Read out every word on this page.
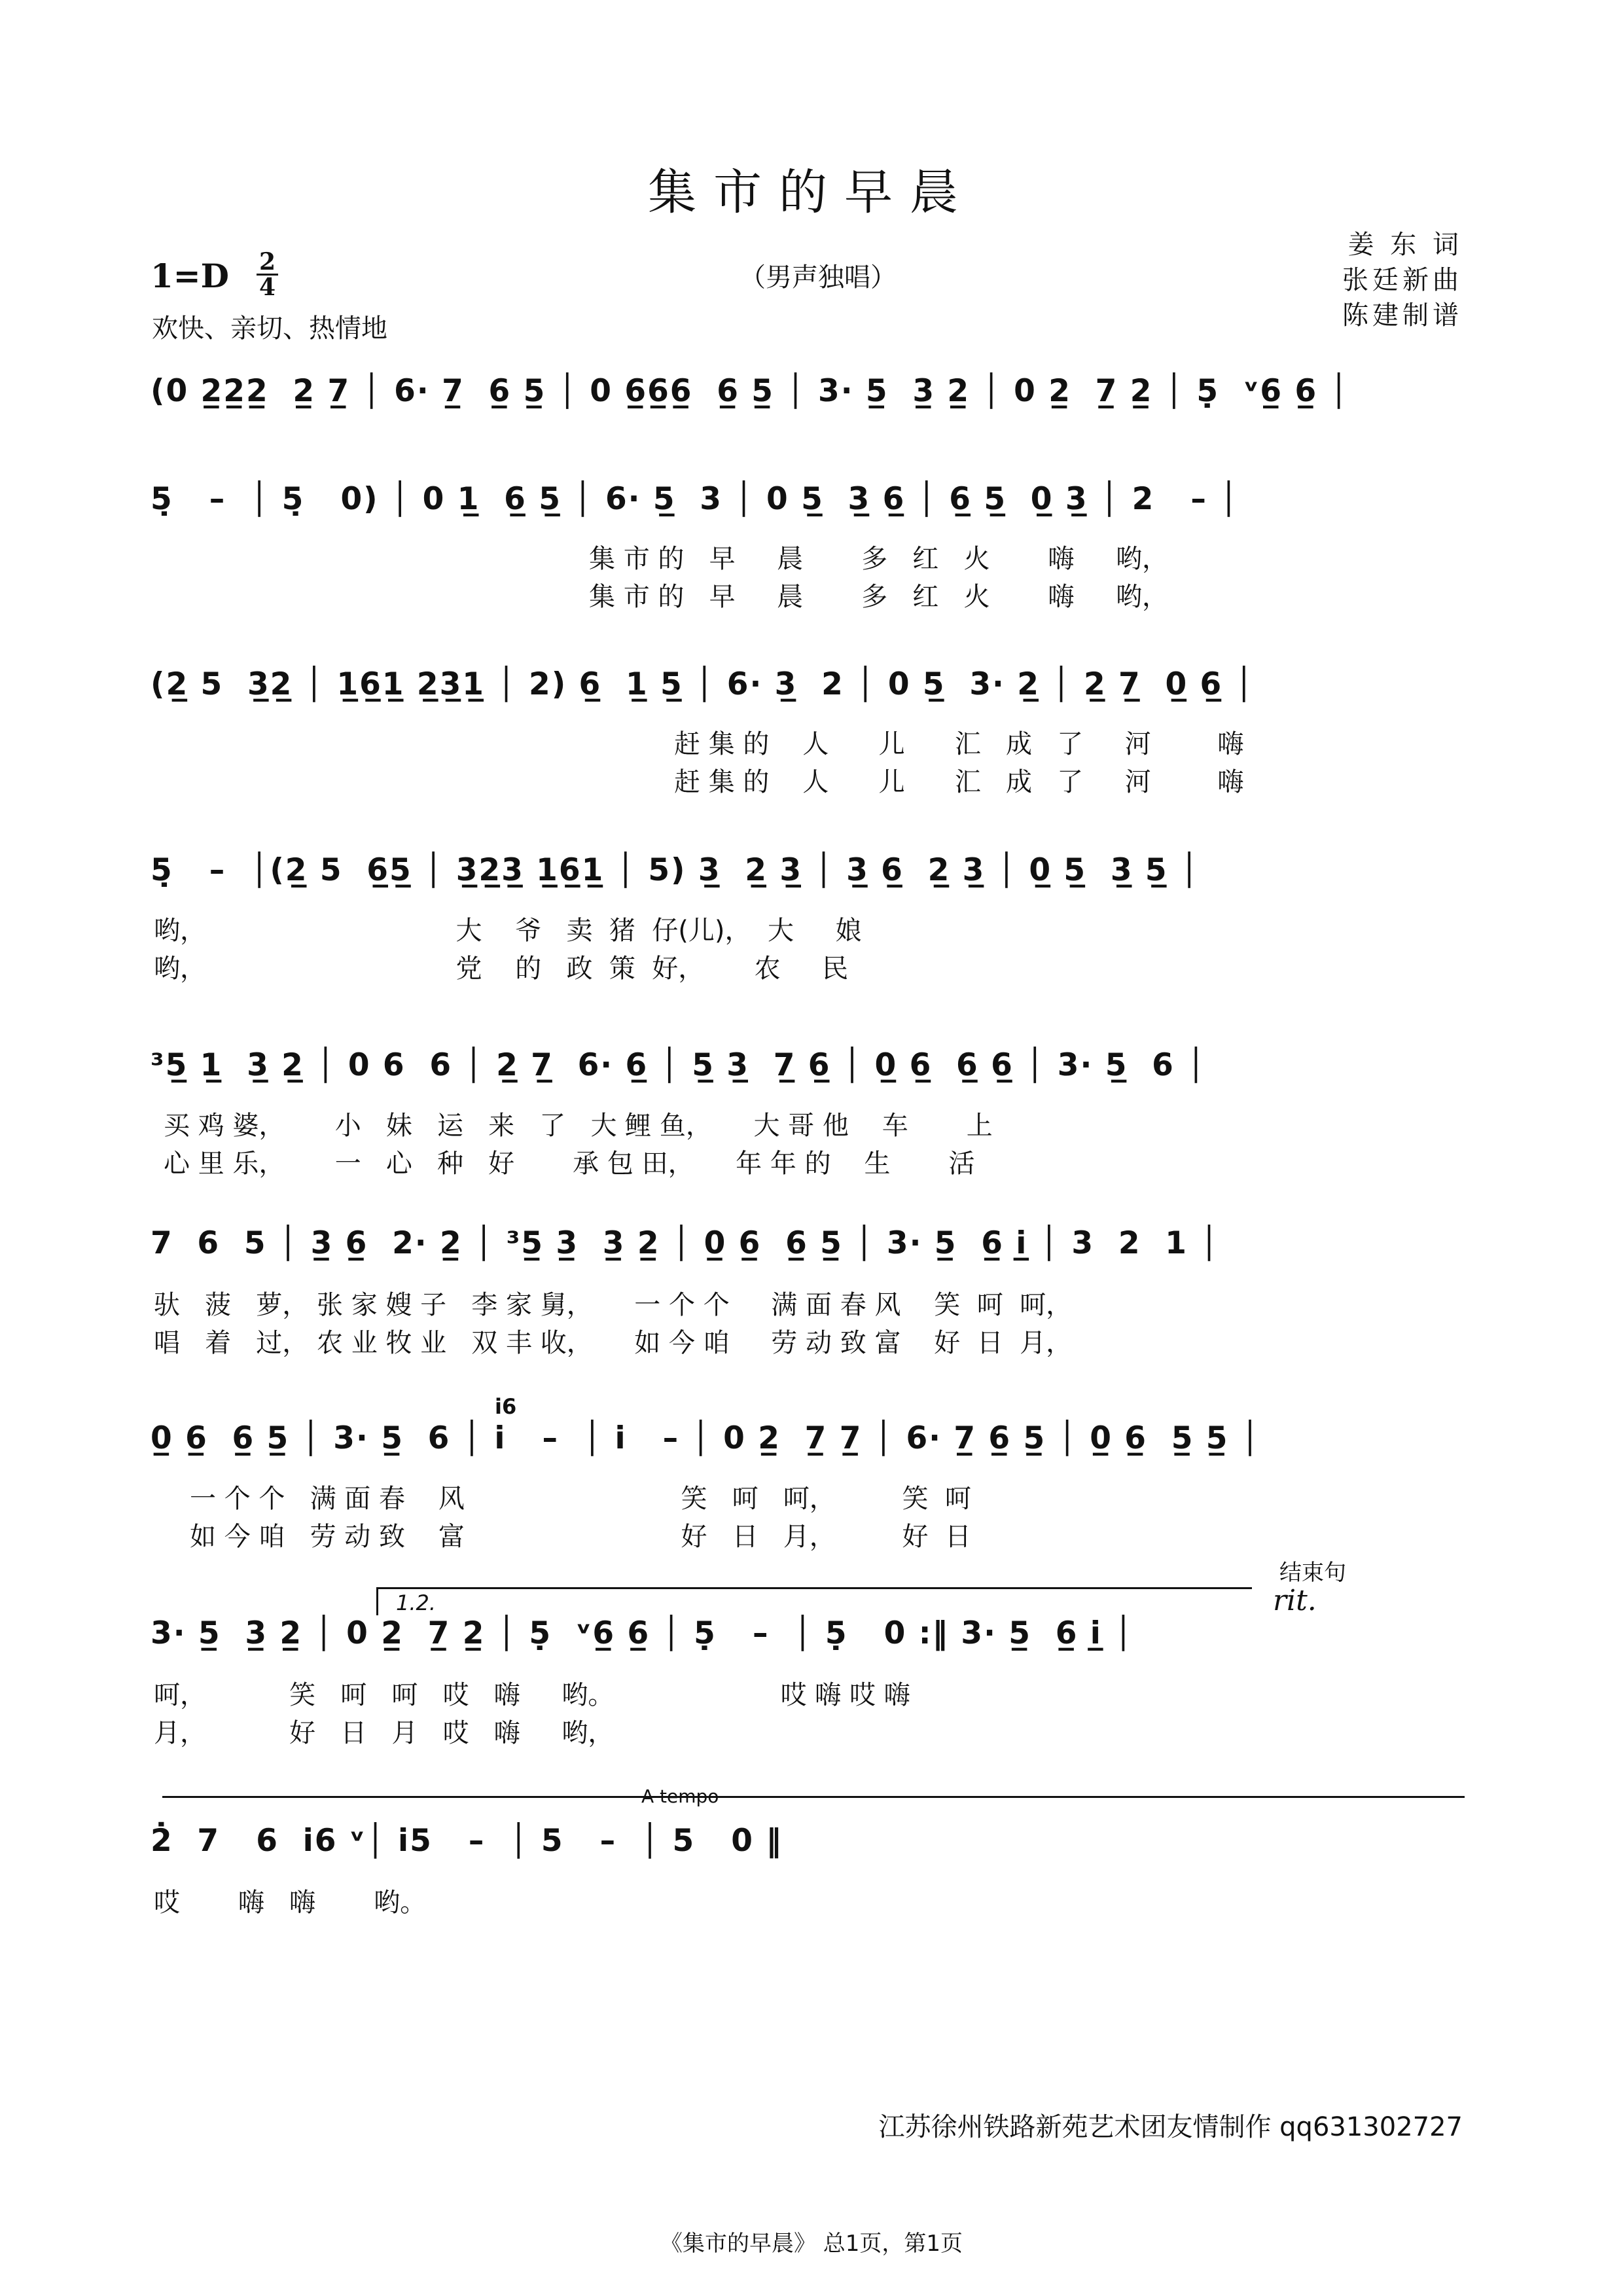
集市的早晨
姜 东 词
张廷新曲
陈建制谱
1=D 2
4	（男声独唱）
欢快、亲切、热情地
(0 2̲2̲2̲  2̲ 7̲ │ 6· 7̲  6̲ 5̲ │ 0 6̲6̲6̲  6̲ 5̲ │ 3· 5̲  3̲ 2̲ │ 0 2̲  7̲ 2̲ │ 5̣  ᵛ6̲ 6̲ │
5̣   –  │ 5̣   0) │ 0 1̲  6̲ 5̲ │ 6· 5̲  3 │ 0 5̲  3̲ 6̲ │ 6̲ 5̲  0̲ 3̲ │ 2   – │
集 市 的   早     晨       多   红   火       嗨     哟，
集 市 的   早     晨       多   红   火       嗨     哟，
(2̲ 5  3̲2̲ │ 1̲6̲1̲ 2̲3̲1̲ │ 2) 6̲  1̲ 5̲ │ 6· 3̲  2 │ 0 5̲  3· 2̲ │ 2̲ 7̲  0̲ 6̲ │
赶 集 的    人      儿      汇   成   了     河        嗨
赶 集 的    人      儿      汇   成   了     河        嗨
5̣   –  │(2̲ 5  6̲5̲ │ 3̲2̲3̲ 1̲6̲1̲ │ 5) 3̲  2̲ 3̲ │ 3̲ 6̲  2̲ 3̲ │ 0̲ 5̲  3̲ 5̲ │
哟，                              大    爷   卖  猪  仔(儿)，  大     娘
哟，                              党    的   政  策  好，      农     民
³5̲ 1̲  3̲ 2̲ │ 0 6  6 │ 2̲ 7̲  6· 6̲ │ 5̲ 3̲  7̲ 6̲ │ 0̲ 6̲  6̲ 6̲ │ 3· 5̲  6 │
买 鸡 婆，      小   妹   运   来   了   大 鲤 鱼，     大 哥 他    车       上
心 里 乐，      一   心   种   好       承 包 田，     年 年 的    生       活
7  6  5 │ 3̲ 6̲  2· 2̲ │ ³5̲ 3̲  3̲ 2̲ │ 0̲ 6̲  6̲ 5̲ │ 3· 5̲  6̲ i̲ │ 3  2  1 │
驮   菠   萝， 张 家 嫂 子   李 家 舅，     一 个 个     满 面 春 风    笑  呵  呵，
唱   着   过， 农 业 牧 业   双 丰 收，     如 今 咱     劳 动 致 富    好  日  月，
0̲ 6̲  6̲ 5̲ │ 3· 5̲  6 │ i   –  │ i   – │ 0 2̲  7̲ 7̲ │ 6· 7̲ 6̲ 5̲ │ 0̲ 6̲  5̲ 5̲ │
一 个 个   满 面 春    风                          笑   呵   呵，        笑  呵
如 今 咱   劳 动 致    富                          好   日   月，        好  日
i6
结束句
1.2.	rit.
3· 5̲  3̲ 2̲ │ 0 2̲  7̲ 2̲ │ 5̣  ᵛ6̲ 6̲ │ 5̣   –  │ 5̣   0 :‖ 3· 5̲  6̲ i̲ │
呵，          笑   呵   呵   哎   嗨     哟。                    哎 嗨 哎 嗨
月，          好   日   月   哎   嗨     哟，
A tempo
2̇  7   6  i6 ᵛ│ i5   –  │ 5   –  │ 5   0 ‖
哎       嗨   嗨       哟。
江苏徐州铁路新苑艺术团友情制作 qq631302727
《集市的早晨》 总1页，第1页
